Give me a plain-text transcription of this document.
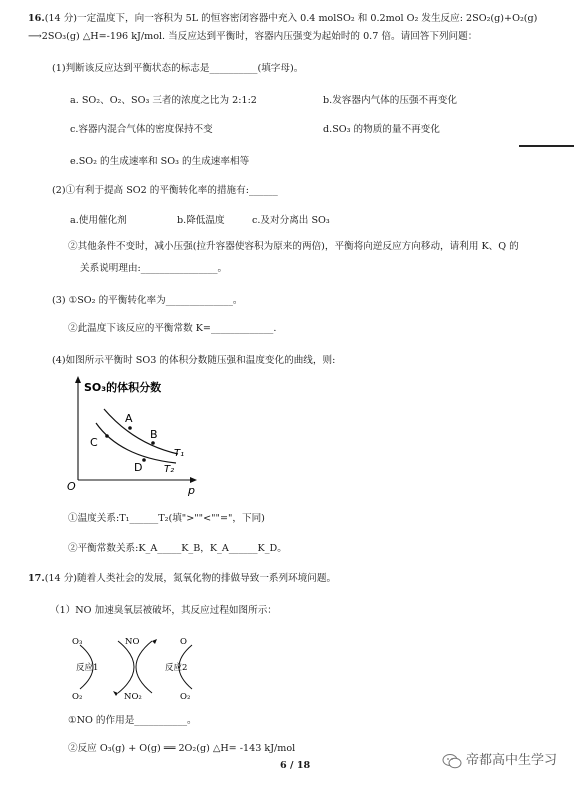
16.(14 分)一定温度下，向一容积为 5L 的恒容密闭容器中充入 0.4 molSO₂ 和 0.2mol O₂ 发生反应: 2SO₂(g)+O₂(g)
⟶2SO₃(g) △H=-196 kJ/mol. 当反应达到平衡时，容器内压强变为起始时的 0.7 倍。请回答下列问题：
(1)判断该反应达到平衡状态的标志是__________(填字母)。
a. SO₂、O₂、SO₃ 三者的浓度之比为 2:1:2	b.发容器内气体的压强不再变化
c.容器内混合气体的密度保持不变	d.SO₃ 的物质的量不再变化
e.SO₂ 的生成速率和 SO₃ 的生成速率相等
(2)①有利于提高 SO2 的平衡转化率的措施有:______
a.使用催化剂	b.降低温度	c.及对分离出 SO₃
②其他条件不变时，减小压强(拉升容器使容积为原来的两倍)，平衡将向逆反应方向移动，请利用 K、Q 的
关系说明理由:________________。
(3) ①SO₂ 的平衡转化率为______________。
②此温度下该反应的平衡常数 K=_____________.
(4)如图所示平衡时 SO3 的体积分数随压强和温度变化的曲线，则:
SO₃的体积分数
O	p
A
B
C
D
T₁
T₂
①温度关系:T₁______T₂(填">""<""="，下同)
②平衡常数关系:K_A_____K_B，K_A______K_D。
17.(14 分)随着人类社会的发展，氮氧化物的排做导致一系列环境问题。
（1）NO 加速臭氧层被破坏，其反应过程如图所示：
O₃	NO	O
反应1	反应2
O₂	NO₂	O₂
①NO 的作用是___________。
②反应 O₃(g) + O(g) ══ 2O₂(g) △H= -143 kJ/mol
6 / 18	帝都高中生学习
